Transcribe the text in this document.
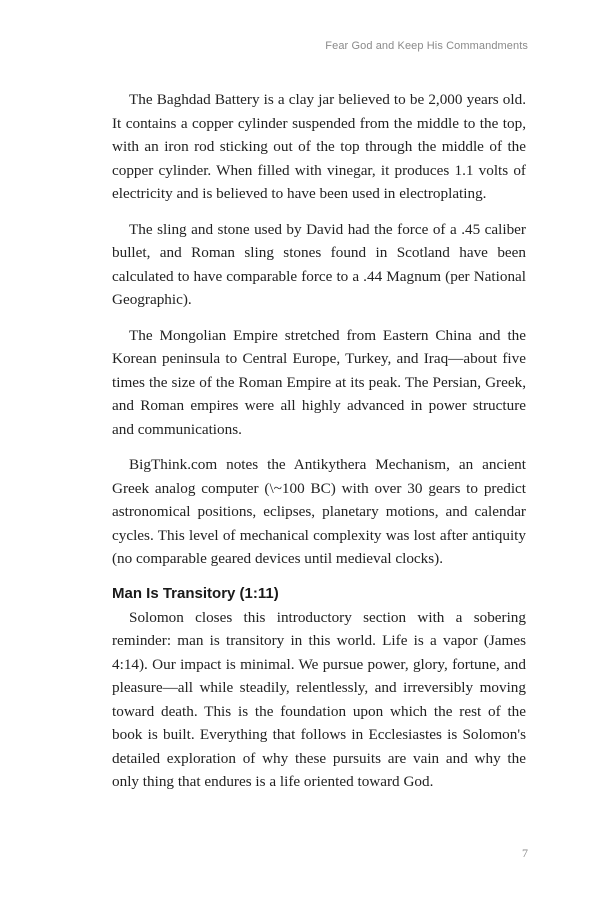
Fear God and Keep His Commandments

The Baghdad Battery is a clay jar believed to be 2,000 years old. It contains a copper cylinder suspended from the middle to the top, with an iron rod sticking out of the top through the middle of the copper cylinder. When filled with vinegar, it produces 1.1 volts of electricity and is believed to have been used in electroplating.

The sling and stone used by David had the force of a .45 caliber bullet, and Roman sling stones found in Scotland have been calculated to have comparable force to a .44 Magnum (per National Geographic).

The Mongolian Empire stretched from Eastern China and the Korean peninsula to Central Europe, Turkey, and Iraq—about five times the size of the Roman Empire at its peak. The Persian, Greek, and Roman empires were all highly advanced in power structure and communications.

BigThink.com notes the Antikythera Mechanism, an ancient Greek analog computer (\~100 BC) with over 30 gears to predict astronomical positions, eclipses, planetary motions, and calendar cycles. This level of mechanical complexity was lost after antiquity (no comparable geared devices until medieval clocks).

Man Is Transitory (1:11)

Solomon closes this introductory section with a sobering reminder: man is transitory in this world. Life is a vapor (James 4:14). Our impact is minimal. We pursue power, glory, fortune, and pleasure—all while steadily, relentlessly, and irreversibly moving toward death. This is the foundation upon which the rest of the book is built. Everything that follows in Ecclesiastes is Solomon's detailed exploration of why these pursuits are vain and why the only thing that endures is a life oriented toward God.

7
